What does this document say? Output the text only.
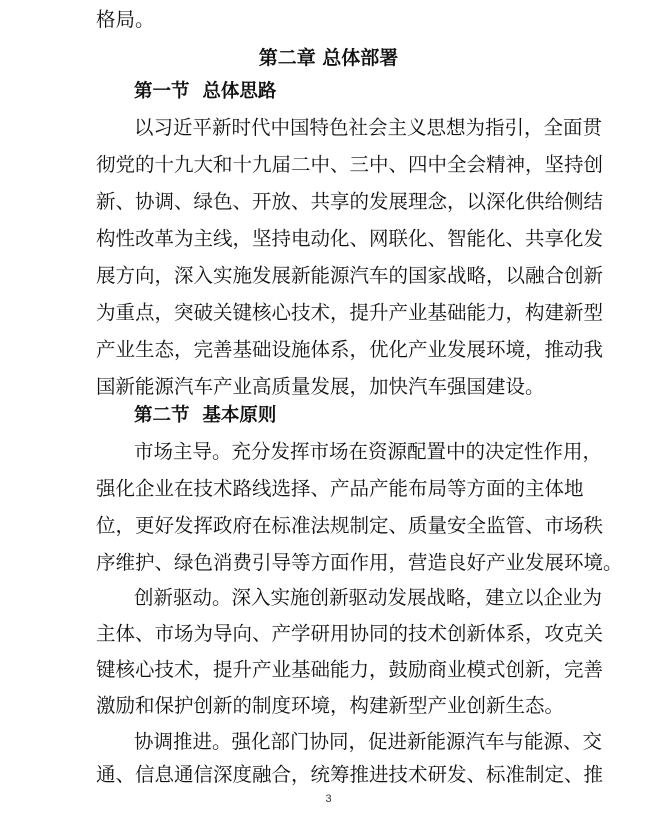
格局。
第二章 总体部署
第一节  总体思路
以习近平新时代中国特色社会主义思想为指引，全面贯
彻党的十九大和十九届二中、三中、四中全会精神，坚持创
新、协调、绿色、开放、共享的发展理念，以深化供给侧结
构性改革为主线，坚持电动化、网联化、智能化、共享化发
展方向，深入实施发展新能源汽车的国家战略，以融合创新
为重点，突破关键核心技术，提升产业基础能力，构建新型
产业生态，完善基础设施体系，优化产业发展环境，推动我
国新能源汽车产业高质量发展，加快汽车强国建设。
第二节  基本原则
市场主导。充分发挥市场在资源配置中的决定性作用，
强化企业在技术路线选择、产品产能布局等方面的主体地
位，更好发挥政府在标准法规制定、质量安全监管、市场秩
序维护、绿色消费引导等方面作用，营造良好产业发展环境。
创新驱动。深入实施创新驱动发展战略，建立以企业为
主体、市场为导向、产学研用协同的技术创新体系，攻克关
键核心技术，提升产业基础能力，鼓励商业模式创新，完善
激励和保护创新的制度环境，构建新型产业创新生态。
协调推进。强化部门协同，促进新能源汽车与能源、交
通、信息通信深度融合，统筹推进技术研发、标准制定、推
3
